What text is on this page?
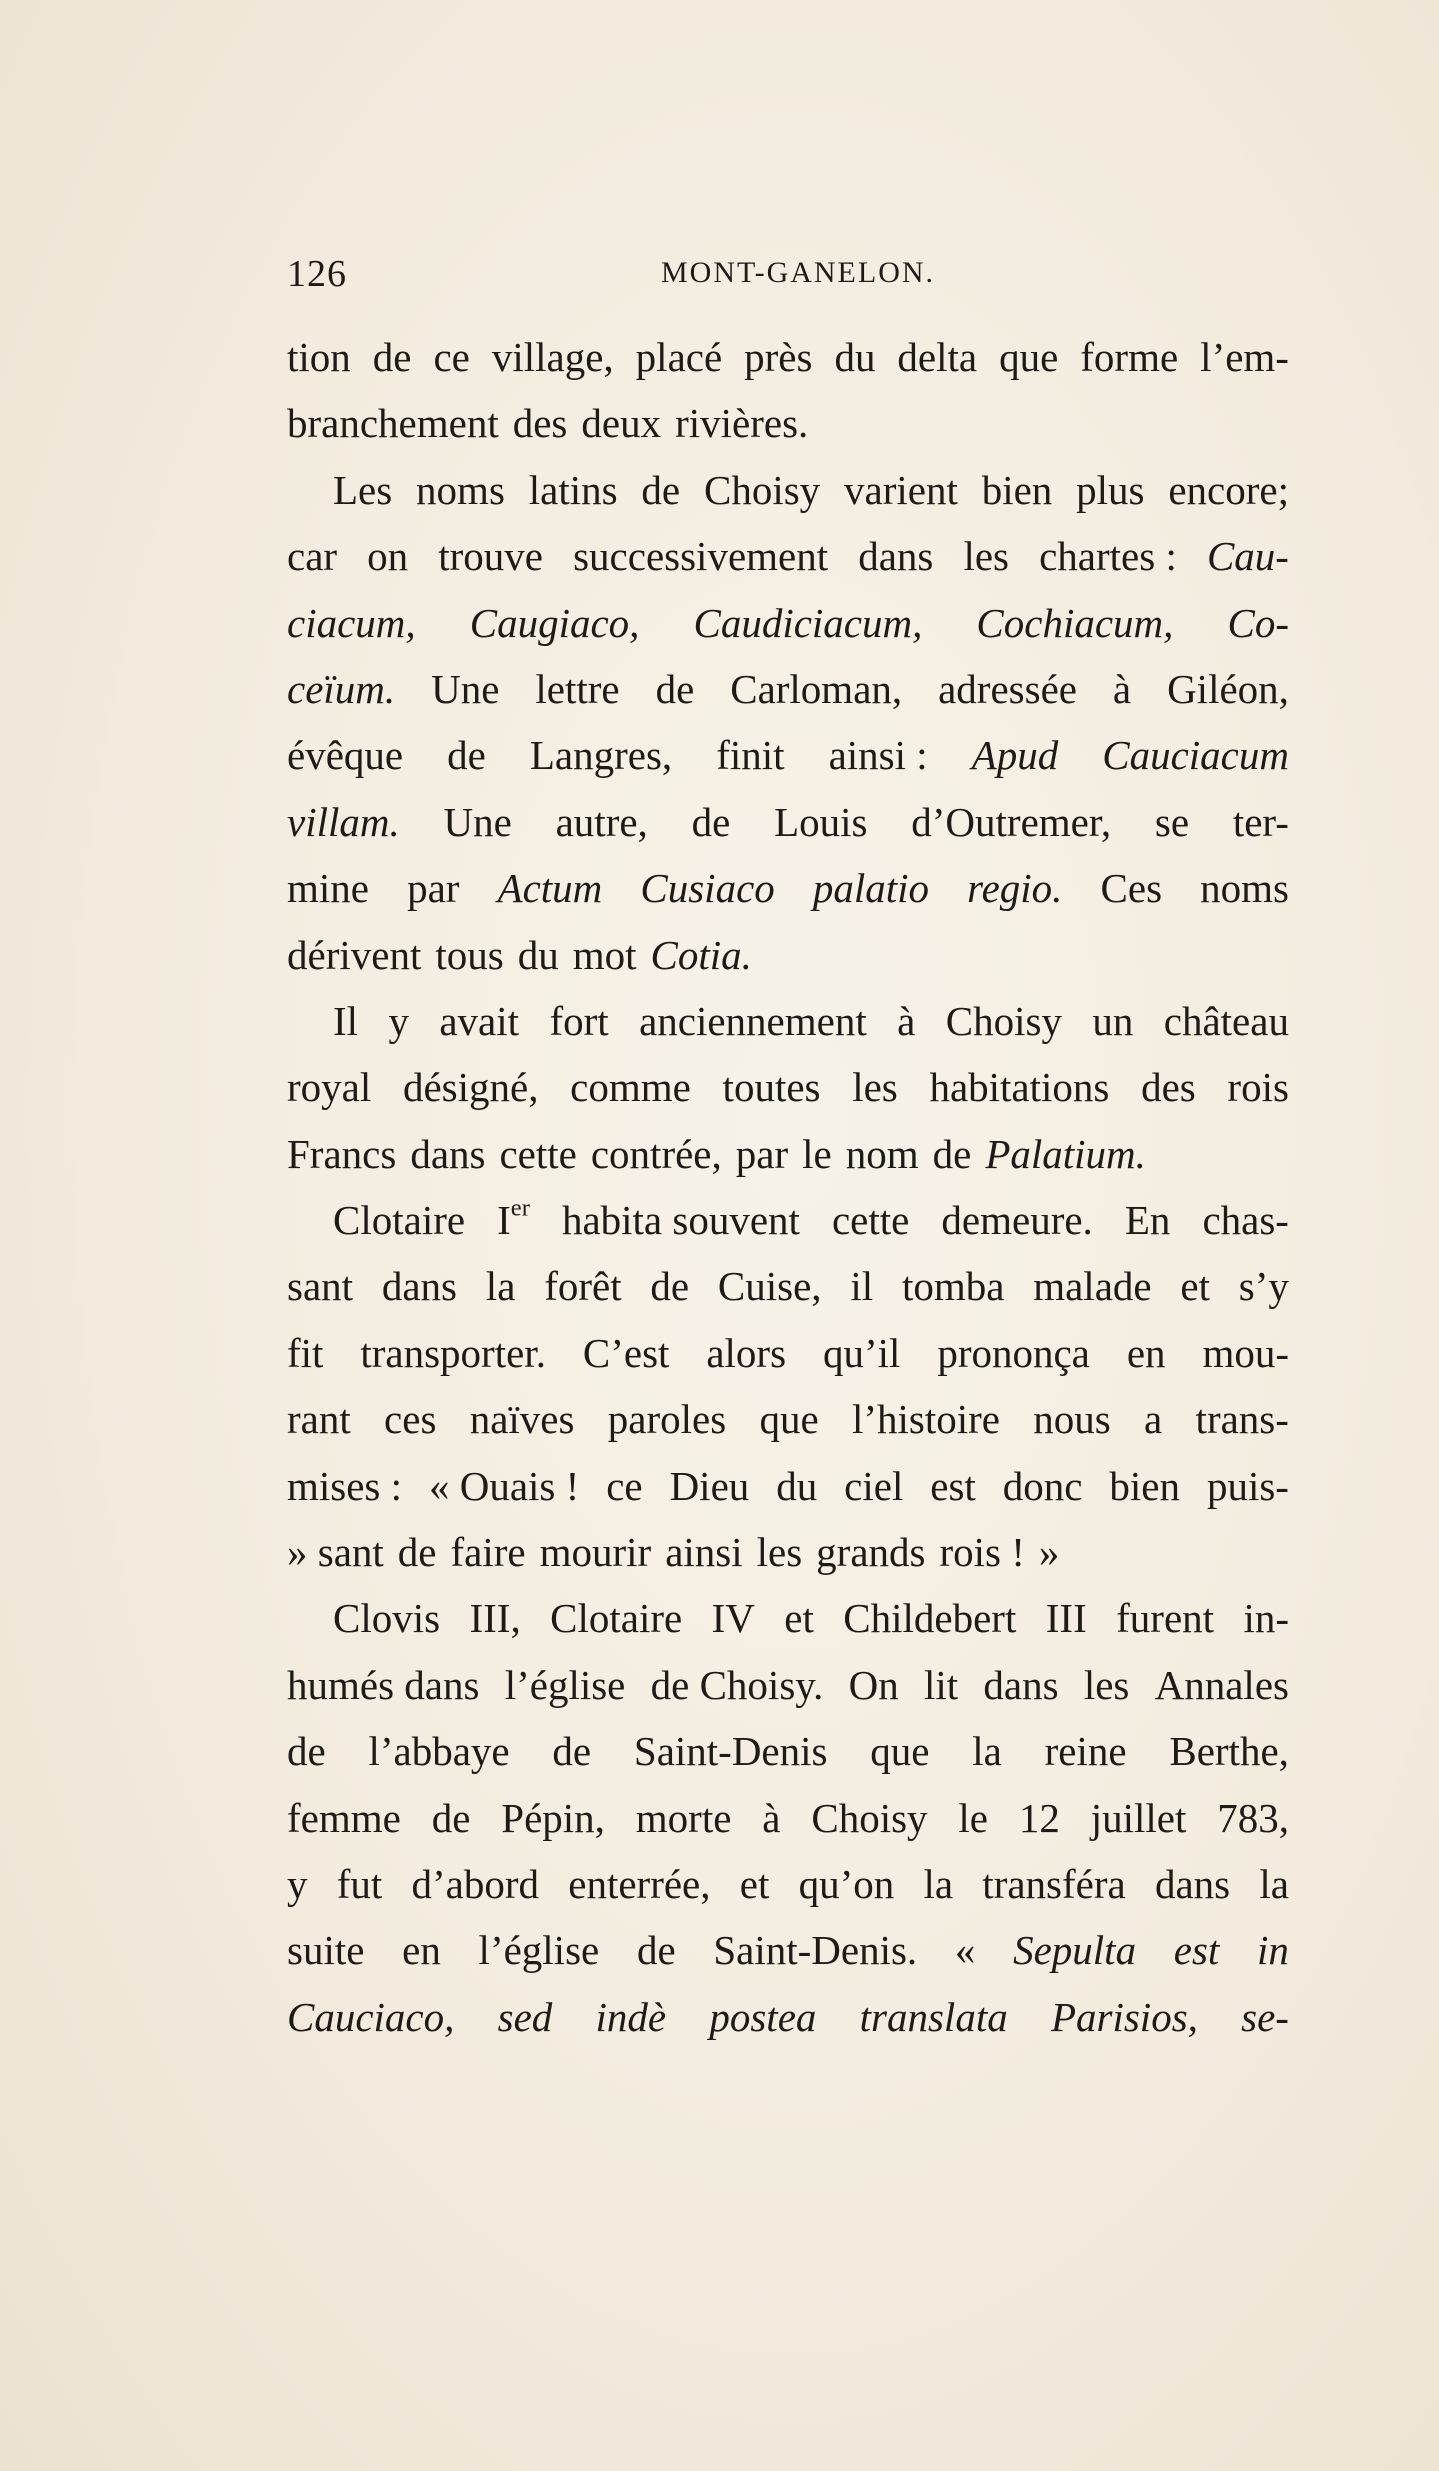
126	MONT-GANELON.
tion de ce village, placé près du delta que forme l’em-
branchement des deux rivières.
Les noms latins de Choisy varient bien plus encore;
car on trouve successivement dans les chartes : Cau-
ciacum, Caugiaco, Caudiciacum, Cochiacum, Co-
ceïum. Une lettre de Carloman, adressée à Giléon,
évêque de Langres, finit ainsi : Apud Cauciacum
villam. Une autre, de Louis d’Outremer, se ter-
mine par Actum Cusiaco palatio regio. Ces noms
dérivent tous du mot Cotia.
Il y avait fort anciennement à Choisy un château
royal désigné, comme toutes les habitations des rois
Francs dans cette contrée, par le nom de Palatium.
Clotaire Ier habita souvent cette demeure. En chas-
sant dans la forêt de Cuise, il tomba malade et s’y
fit transporter. C’est alors qu’il prononça en mou-
rant ces naïves paroles que l’histoire nous a trans-
mises : « Ouais ! ce Dieu du ciel est donc bien puis-
» sant de faire mourir ainsi les grands rois ! »
Clovis III, Clotaire IV et Childebert III furent in-
humés dans l’église de Choisy. On lit dans les Annales
de l’abbaye de Saint-Denis que la reine Berthe,
femme de Pépin, morte à Choisy le 12 juillet 783,
y fut d’abord enterrée, et qu’on la transféra dans la
suite en l’église de Saint-Denis. « Sepulta est in
Cauciaco, sed indè postea translata Parisios, se-
